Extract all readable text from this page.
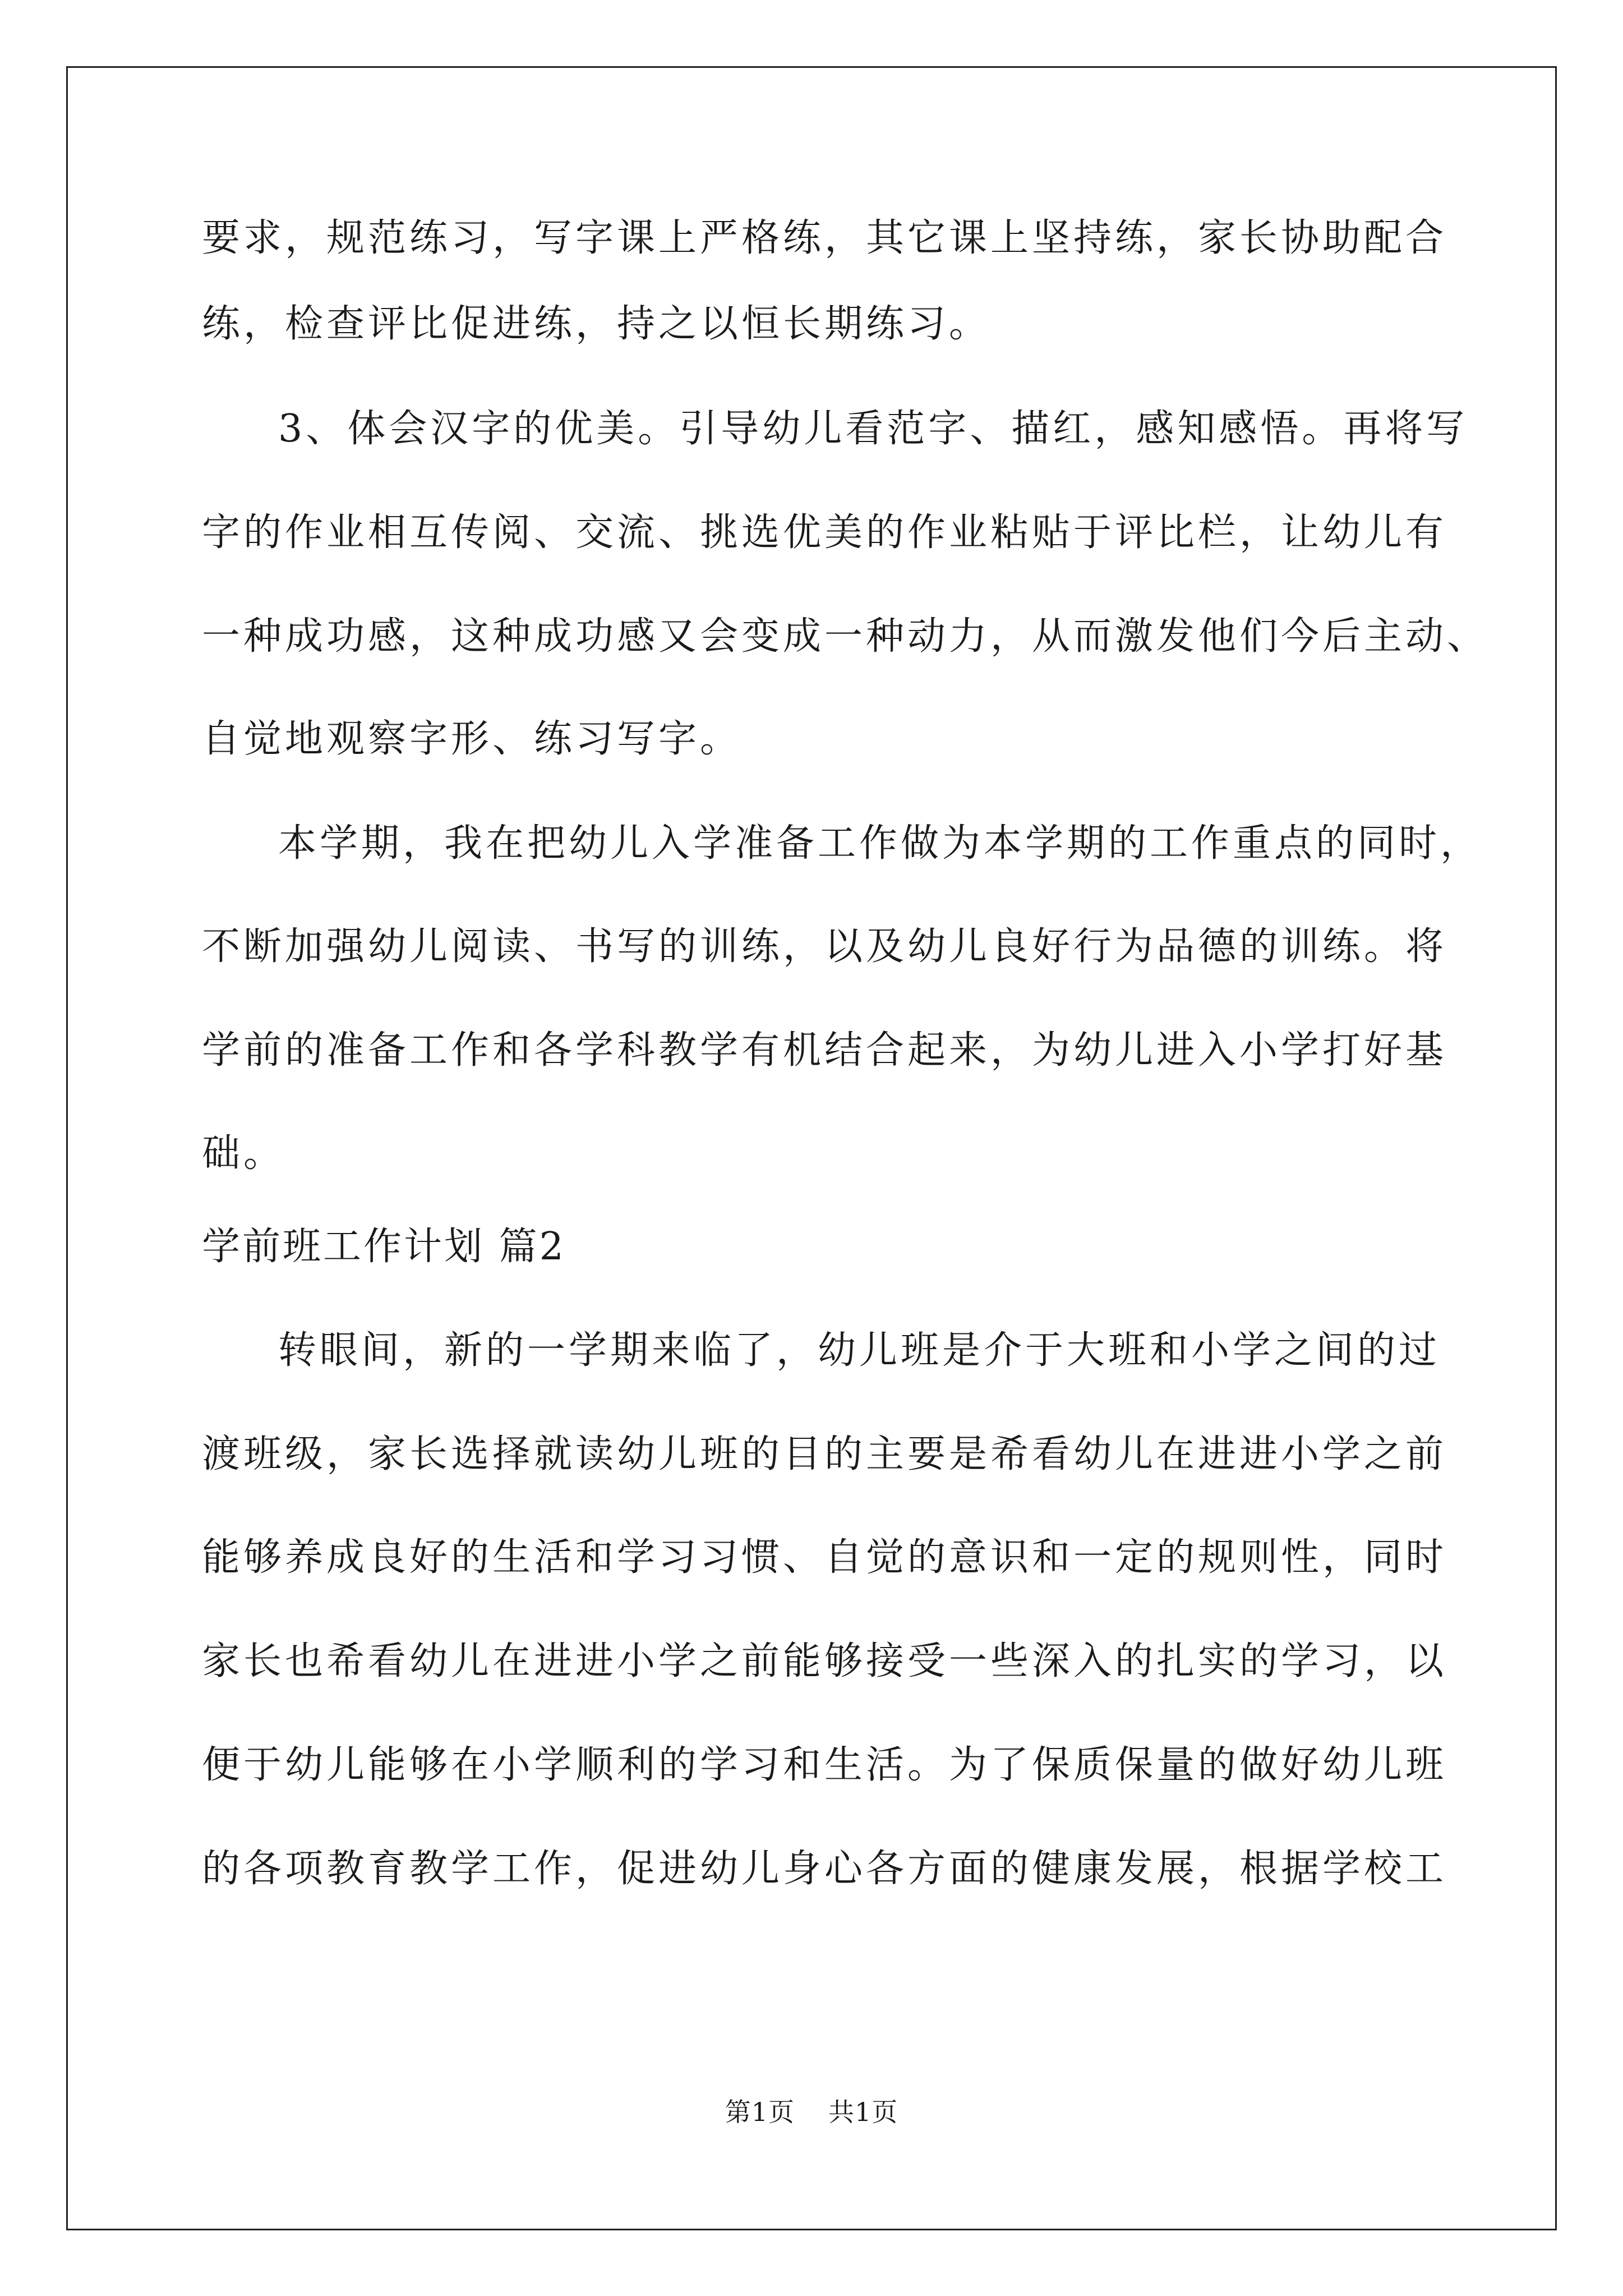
要求，规范练习，写字课上严格练，其它课上坚持练，家长协助配合
练，检查评比促进练，持之以恒长期练习。
3、体会汉字的优美。引导幼儿看范字、描红，感知感悟。再将写
字的作业相互传阅、交流、挑选优美的作业粘贴于评比栏，让幼儿有
一种成功感，这种成功感又会变成一种动力，从而激发他们今后主动、
自觉地观察字形、练习写字。
本学期，我在把幼儿入学准备工作做为本学期的工作重点的同时，
不断加强幼儿阅读、书写的训练，以及幼儿良好行为品德的训练。将
学前的准备工作和各学科教学有机结合起来，为幼儿进入小学打好基
础。
学前班工作计划 篇2
转眼间，新的一学期来临了，幼儿班是介于大班和小学之间的过
渡班级，家长选择就读幼儿班的目的主要是希看幼儿在进进小学之前
能够养成良好的生活和学习习惯、自觉的意识和一定的规则性，同时
家长也希看幼儿在进进小学之前能够接受一些深入的扎实的学习，以
便于幼儿能够在小学顺利的学习和生活。为了保质保量的做好幼儿班
的各项教育教学工作，促进幼儿身心各方面的健康发展，根据学校工
第1页 共1页
